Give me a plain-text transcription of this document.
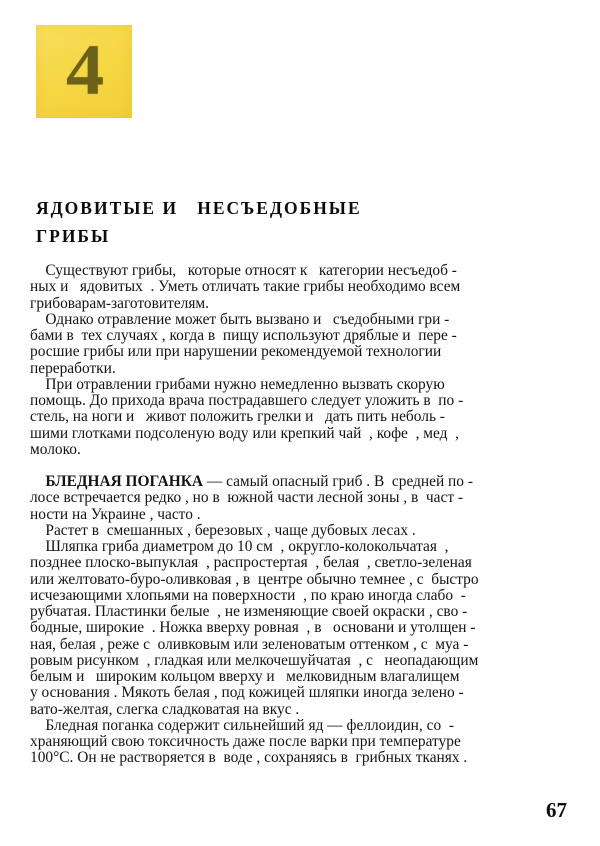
4
ЯДОВИТЫЕ И   НЕСЪЕДОБНЫЕ
ГРИБЫ

Существуют грибы,   которые относят к   категории несъедоб -
ных и   ядовитых  . Уметь отличать такие грибы необходимо всем
грибоварам-заготовителям.

Однако отравление может быть вызвано и   съедобными гри -
бами в  тех случаях , когда в  пищу используют дряблые и  пере -
росшие грибы или при нарушении рекомендуемой технологии
переработки.

При отравлении грибами нужно немедленно вызвать скорую
помощь. До прихода врача пострадавшего следует уложить в  по -
стель, на ноги и   живот положить грелки и   дать пить неболь -
шими глотками подсоленую воду или крепкий чай  , кофе  , мед  ,
молоко.

БЛЕДНАЯ ПОГАНКА — самый опасный гриб . В  средней по -
лосе встречается редко , но в  южной части лесной зоны , в  част -
ности на Украине , часто .

Растет в  смешанных , березовых , чаще дубовых лесах .

Шляпка гриба диаметром до 10 см  , округло-колокольчатая  ,
позднее плоско-выпуклая  , распростертая  , белая  , светло-зеленая
или желтовато-буро-оливковая , в  центре обычно темнее , с  быстро
исчезающими хлопьями на поверхности  , по краю иногда слабо  -
рубчатая. Пластинки белые  , не изменяющие своей окраски , сво -
бодные, широкие  . Ножка вверху ровная  , в   основани и утолщен -
ная, белая , реже с  оливковым или зеленоватым оттенком , с  муа -
ровым рисунком  , гладкая или мелкочешуйчатая  , с   неопадающим
белым и   широким кольцом вверху и   мелковидным влагалищем
у основания . Мякоть белая , под кожицей шляпки иногда зелено -
вато-желтая, слегка сладковатая на вкус .

Бледная поганка содержит сильнейший яд — феллоидин, со  -
храняющий свою токсичность даже после варки при температуре
100°С. Он не растворяется в  воде , сохраняясь в  грибных тканях .

67
